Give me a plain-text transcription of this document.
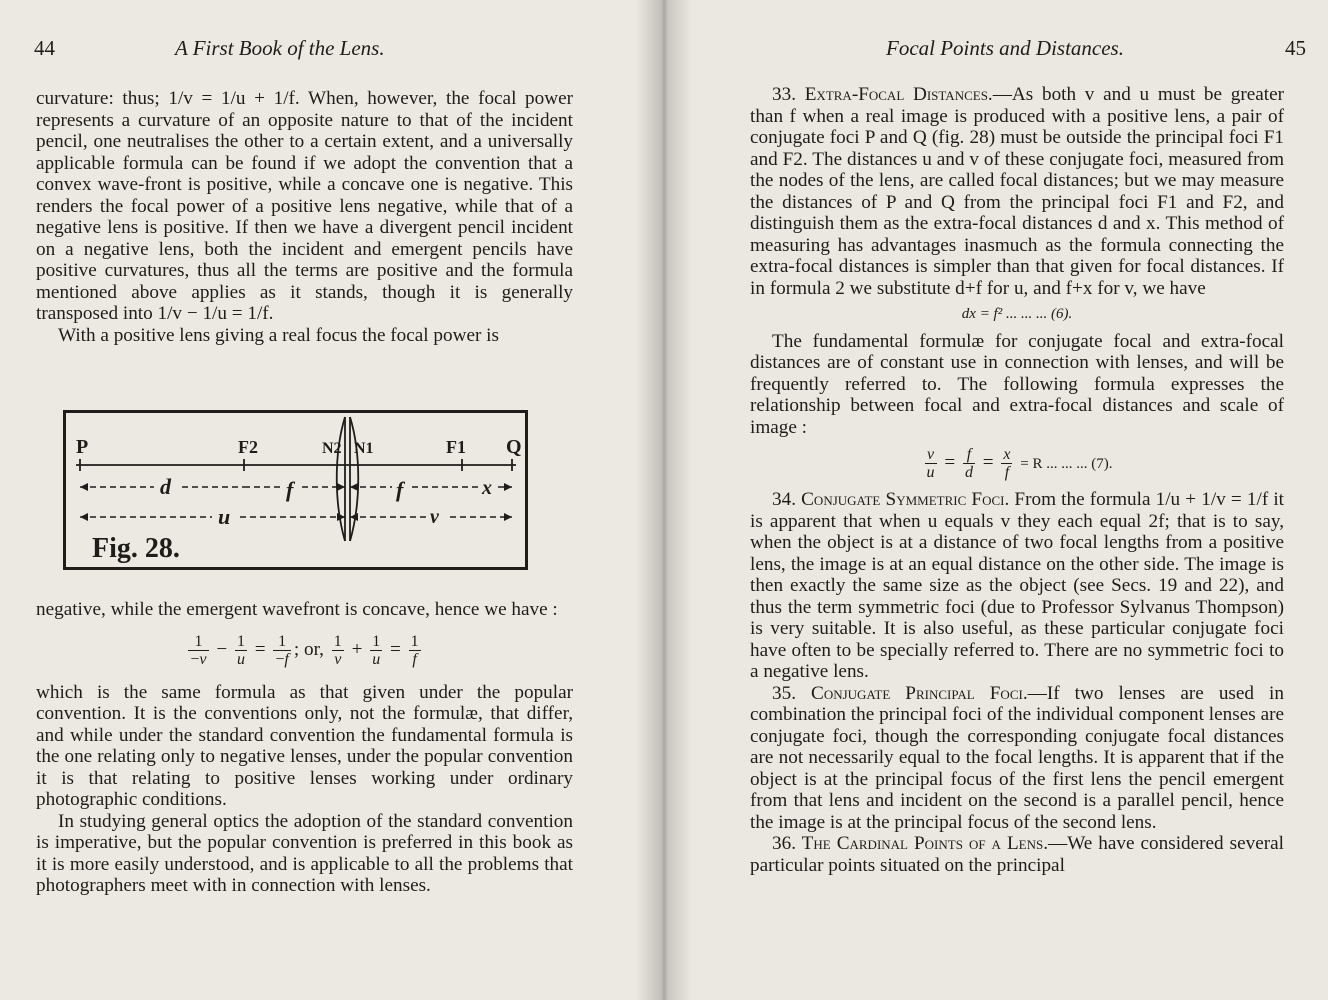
44	A First Book of the Lens.

curvature: thus; 1/v = 1/u + 1/f. When, however, the focal power represents a curvature of an opposite nature to that of the incident pencil, one neutralises the other to a certain extent, and a universally applicable formula can be found if we adopt the convention that a convex wave-front is positive, while a concave one is negative. This renders the focal power of a positive lens negative, while that of a negative lens is positive. If then we have a divergent pencil incident on a negative lens, both the incident and emergent pencils have positive curvatures, thus all the terms are positive and the formula mentioned above applies as it stands, though it is generally transposed into 1/v − 1/u = 1/f.

With a positive lens giving a real focus the focal power is

P	F2	N2 N1	F1 Q
d	f	f	x
u	v
Fig. 28.

negative, while the emergent wavefront is concave, hence we have :

$\frac{1}{-v} - \frac{1}{u} = \frac{1}{-f}$ ; or, $\frac{1}{v} + \frac{1}{u} = \frac{1}{f}$

which is the same formula as that given under the popular convention. It is the conventions only, not the formulæ, that differ, and while under the standard convention the fundamental formula is the one relating only to negative lenses, under the popular convention it is that relating to positive lenses working under ordinary photographic conditions.

In studying general optics the adoption of the standard convention is imperative, but the popular convention is preferred in this book as it is more easily understood, and is applicable to all the problems that photographers meet with in connection with lenses.

Focal Points and Distances.	45

33. Extra-Focal Distances.—As both v and u must be greater than f when a real image is produced with a positive lens, a pair of conjugate foci P and Q (fig. 28) must be outside the principal foci F1 and F2. The distances u and v of these conjugate foci, measured from the nodes of the lens, are called focal distances; but we may measure the distances of P and Q from the principal foci F1 and F2, and distinguish them as the extra-focal distances d and x. This method of measuring has advantages inasmuch as the formula connecting the extra-focal distances is simpler than that given for focal distances. If in formula 2 we substitute d+f for u, and f+x for v, we have

dx = f² ... ... ... (6).

The fundamental formulæ for conjugate focal and extra-focal distances are of constant use in connection with lenses, and will be frequently referred to. The following formula expresses the relationship between focal and extra-focal distances and scale of image :

$\frac{v}{u} = \frac{f}{d} = \frac{x}{f} = R$ ... ... ... (7).

34. Conjugate Symmetric Foci. From the formula 1/u + 1/v = 1/f it is apparent that when u equals v they each equal 2f; that is to say, when the object is at a distance of two focal lengths from a positive lens, the image is at an equal distance on the other side. The image is then exactly the same size as the object (see Secs. 19 and 22), and thus the term symmetric foci (due to Professor Sylvanus Thompson) is very suitable. It is also useful, as these particular conjugate foci have often to be specially referred to. There are no symmetric foci to a negative lens.

35. Conjugate Principal Foci.—If two lenses are used in combination the principal foci of the individual component lenses are conjugate foci, though the corresponding conjugate focal distances are not necessarily equal to the focal lengths. It is apparent that if the object is at the principal focus of the first lens the pencil emergent from that lens and incident on the second is a parallel pencil, hence the image is at the principal focus of the second lens.

36. The Cardinal Points of a Lens.—We have considered several particular points situated on the principal
